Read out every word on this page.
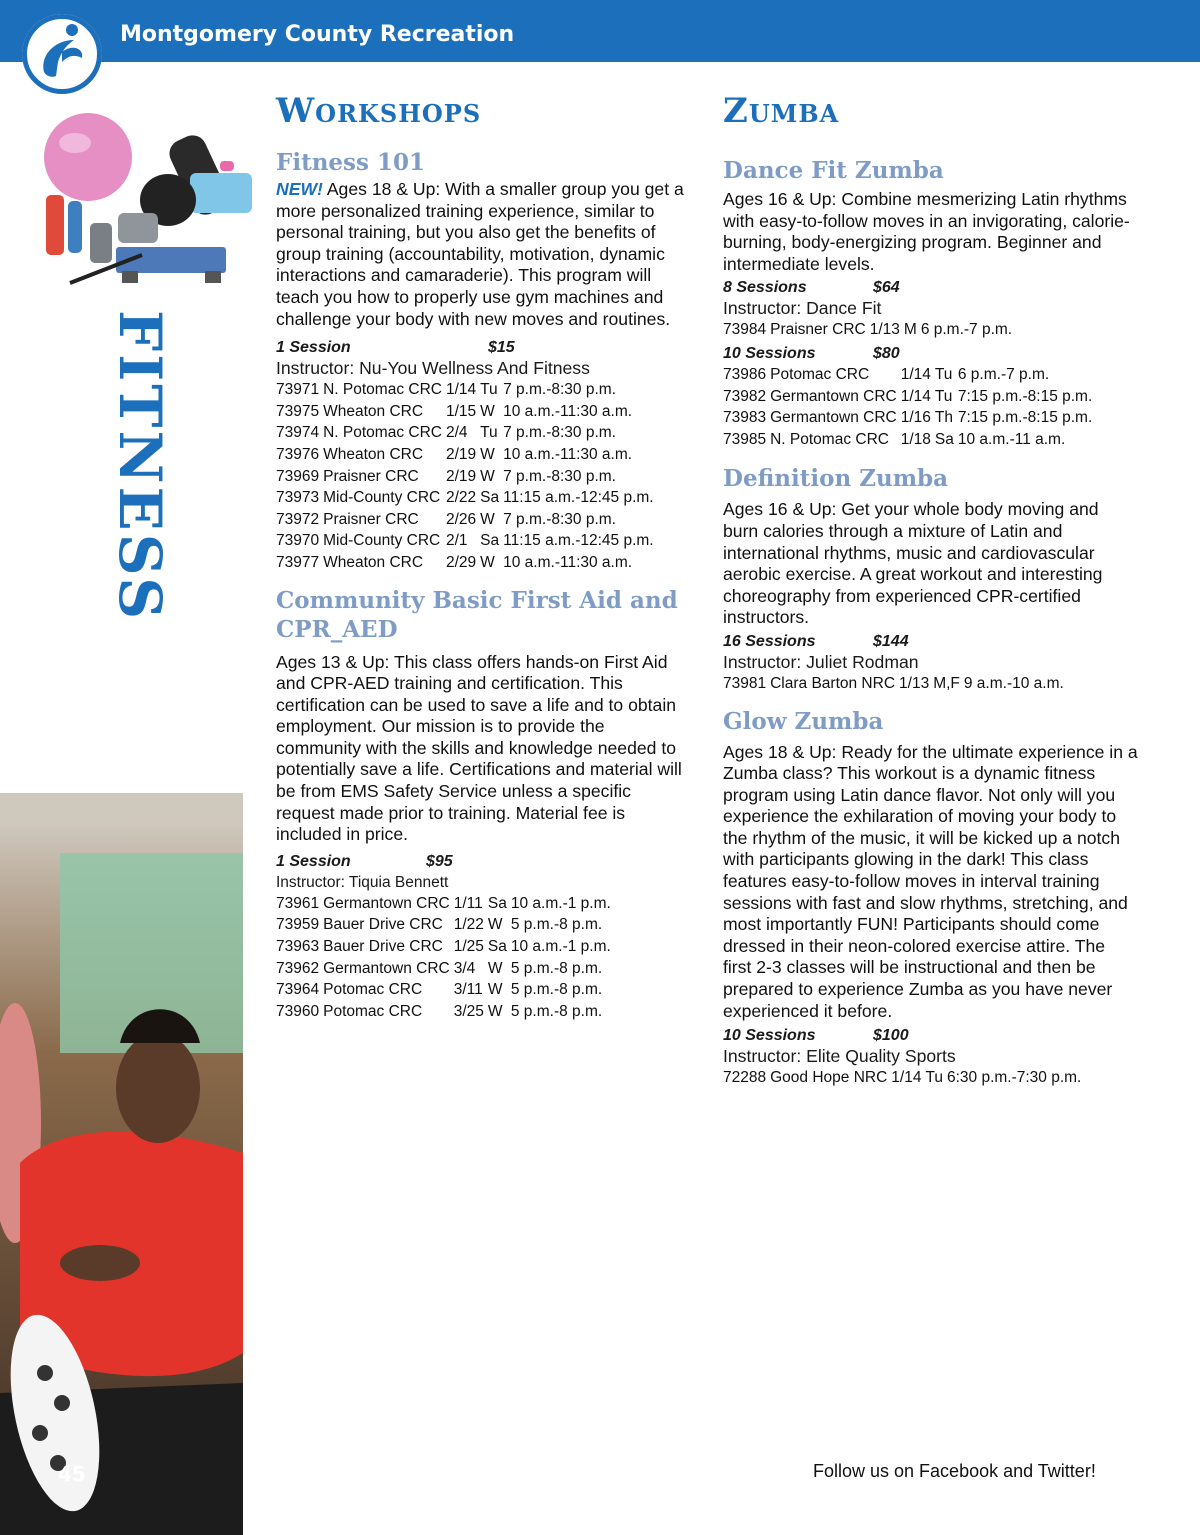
Montgomery County Recreation
FITNESS
45
Workshops
Fitness 101

NEW! Ages 18 & Up: With a smaller group you get a more personalized training experience, similar to personal training, but you also get the benefits of group training (accountability, motivation, dynamic interactions and camaraderie). This program will teach you how to properly use gym machines and challenge your body with new moves and routines.

1 Session	$15

Instructor: Nu-You Wellness And Fitness

73971	N. Potomac CRC	1/14	Tu	7 p.m.-8:30 p.m.
73975	Wheaton CRC	1/15	W	10 a.m.-11:30 a.m.
73974	N. Potomac CRC	2/4	Tu	7 p.m.-8:30 p.m.
73976	Wheaton CRC	2/19	W	10 a.m.-11:30 a.m.
73969	Praisner CRC	2/19	W	7 p.m.-8:30 p.m.
73973	Mid-County CRC	2/22	Sa	11:15 a.m.-12:45 p.m.
73972	Praisner CRC	2/26	W	7 p.m.-8:30 p.m.
73970	Mid-County CRC	2/1	Sa	11:15 a.m.-12:45 p.m.
73977	Wheaton CRC	2/29	W	10 a.m.-11:30 a.m.
Community Basic First Aid and CPR_AED

Ages 13 & Up: This class offers hands-on First Aid and CPR-AED training and certification. This certification can be used to save a life and to obtain employment. Our mission is to provide the community with the skills and knowledge needed to potentially save a life. Certifications and material will be from EMS Safety Service unless a specific request made prior to training. Material fee is included in price.

1 Session	$95

Instructor: Tiquia Bennett

73961	Germantown CRC	1/11	Sa	10 a.m.-1 p.m.
73959	Bauer Drive CRC	1/22	W	5 p.m.-8 p.m.
73963	Bauer Drive CRC	1/25	Sa	10 a.m.-1 p.m.
73962	Germantown CRC	3/4	W	5 p.m.-8 p.m.
73964	Potomac CRC	3/11	W	5 p.m.-8 p.m.
73960	Potomac CRC	3/25	W	5 p.m.-8 p.m.
Zumba
Dance Fit Zumba

Ages 16 & Up: Combine mesmerizing Latin rhythms with easy-to-follow moves in an invigorating, calorie-burning, body-energizing program. Beginner and intermediate levels.

8 Sessions	$64

Instructor: Dance Fit

73984	Praisner CRC	1/13	M	6 p.m.-7 p.m.
10 Sessions	$80
73986	Potomac CRC	1/14	Tu	6 p.m.-7 p.m.
73982	Germantown CRC	1/14	Tu	7:15 p.m.-8:15 p.m.
73983	Germantown CRC	1/16	Th	7:15 p.m.-8:15 p.m.
73985	N. Potomac CRC	1/18	Sa	10 a.m.-11 a.m.
Definition Zumba

Ages 16 & Up: Get your whole body moving and burn calories through a mixture of Latin and international rhythms, music and cardiovascular aerobic exercise. A great workout and interesting choreography from experienced CPR-certified instructors.

16 Sessions	$144

Instructor: Juliet Rodman

73981	Clara Barton NRC	1/13	M,F	9 a.m.-10 a.m.
Glow Zumba

Ages 18 & Up: Ready for the ultimate experience in a Zumba class? This workout is a dynamic fitness program using Latin dance flavor. Not only will you experience the exhilaration of moving your body to the rhythm of the music, it will be kicked up a notch with participants glowing in the dark! This class features easy-to-follow moves in interval training sessions with fast and slow rhythms, stretching, and most importantly FUN! Participants should come dressed in their neon-colored exercise attire. The first 2-3 classes will be instructional and then be prepared to experience Zumba as you have never experienced it before.

10 Sessions	$100

Instructor: Elite Quality Sports

72288	Good Hope NRC	1/14	Tu	6:30 p.m.-7:30 p.m.
Follow us on Facebook and Twitter!
